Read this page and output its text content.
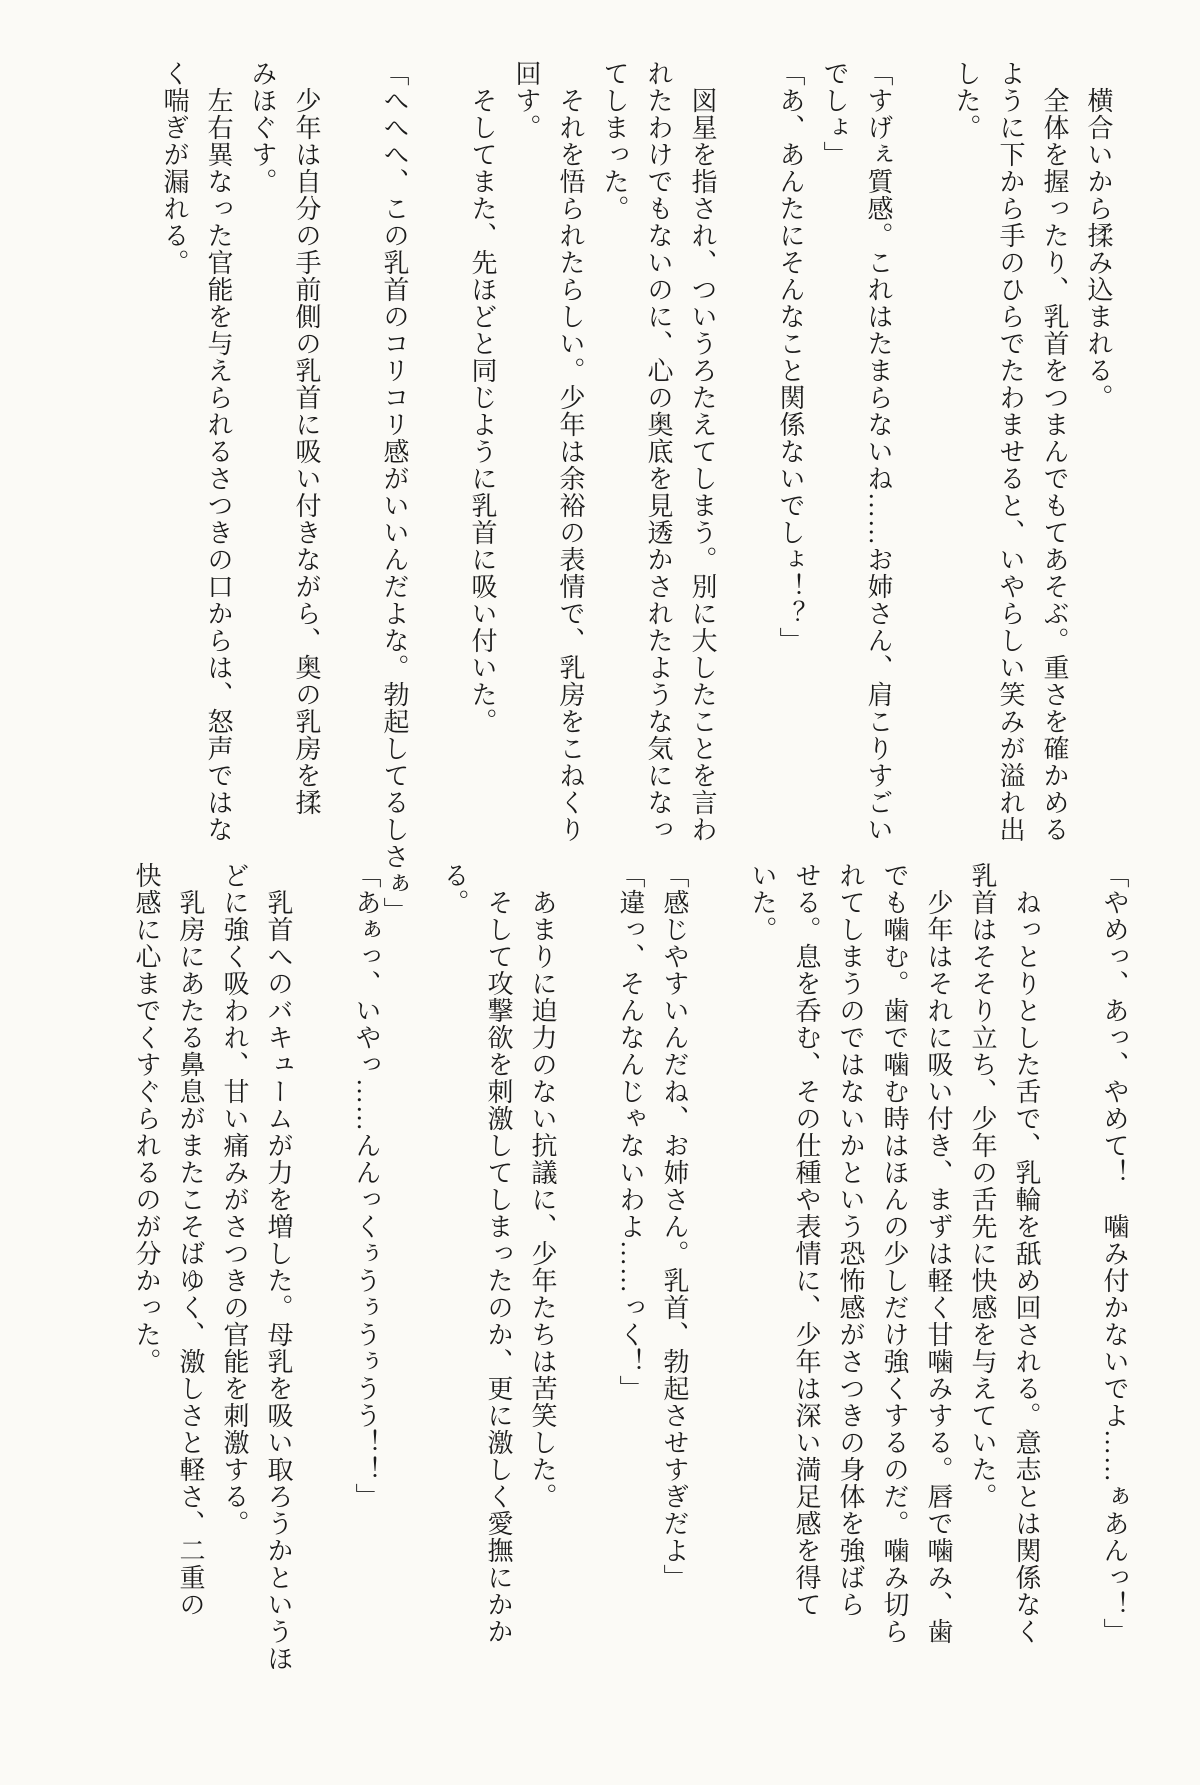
　横合いから揉み込まれる。
　全体を握ったり、乳首をつまんでもてあそぶ。重さを確かめる
ように下から手のひらでたわませると、いやらしい笑みが溢れ出
した。

「すげぇ質感。これはたまらないね……お姉さん、肩こりすごい
でしょ」
「あ、あんたにそんなこと関係ないでしょ！？」

　図星を指され、ついうろたえてしまう。別に大したことを言わ
れたわけでもないのに、心の奥底を見透かされたような気になっ
てしまった。
　それを悟られたらしい。少年は余裕の表情で、乳房をこねくり
回す。
　そしてまた、先ほどと同じように乳首に吸い付いた。

「へへへ、この乳首のコリコリ感がいいんだよな。勃起してるしさぁ」

　少年は自分の手前側の乳首に吸い付きながら、奥の乳房を揉
みほぐす。
　左右異なった官能を与えられるさつきの口からは、怒声ではな
く喘ぎが漏れる。
「やめっ、あっ、やめて！　噛み付かないでよ……ぁあんっ！」

　ねっとりとした舌で、乳輪を舐め回される。意志とは関係なく
乳首はそそり立ち、少年の舌先に快感を与えていた。
　少年はそれに吸い付き、まずは軽く甘噛みする。唇で噛み、歯
でも噛む。歯で噛む時はほんの少しだけ強くするのだ。噛み切ら
れてしまうのではないかという恐怖感がさつきの身体を強ばら
せる。息を呑む、その仕種や表情に、少年は深い満足感を得て
いた。

「感じやすいんだね、お姉さん。乳首、勃起させすぎだよ」
「違っ、そんなんじゃないわよ……っく！」

　あまりに迫力のない抗議に、少年たちは苦笑した。
　そして攻撃欲を刺激してしまったのか、更に激しく愛撫にかか
る。

「あぁっ、いやっ……んんっくぅうぅうぅうう！！」

　乳首へのバキュームが力を増した。母乳を吸い取ろうかというほ
どに強く吸われ、甘い痛みがさつきの官能を刺激する。
　乳房にあたる鼻息がまたこそばゆく、激しさと軽さ、二重の
快感に心までくすぐられるのが分かった。
